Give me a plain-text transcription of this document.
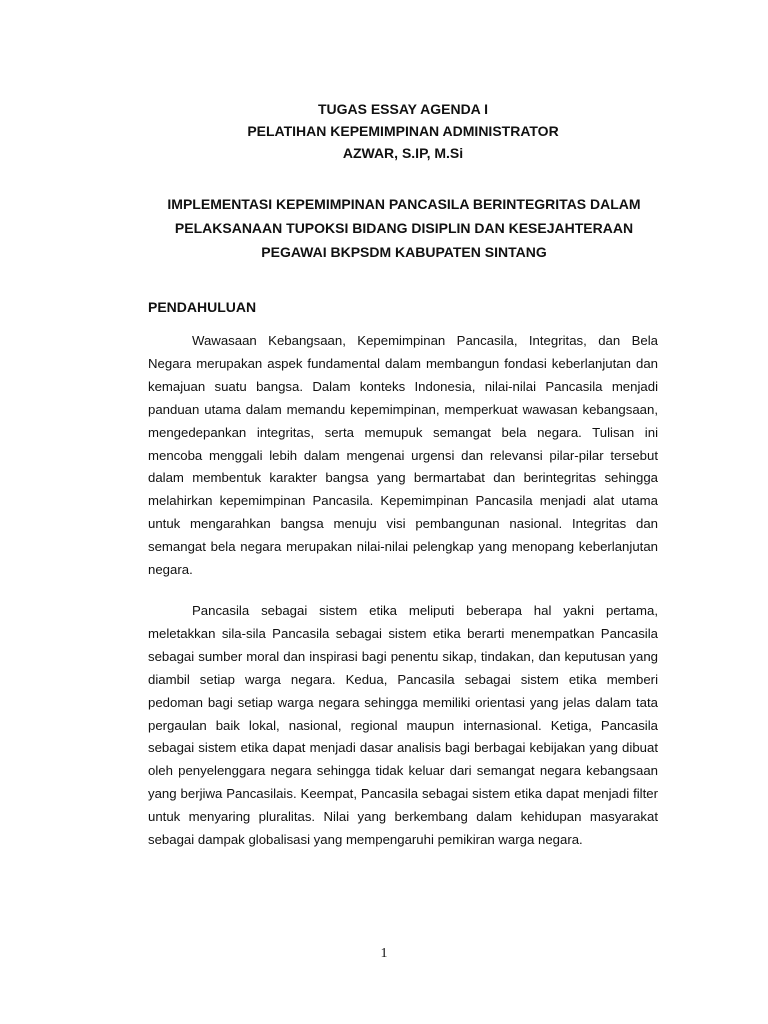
TUGAS ESSAY AGENDA I
PELATIHAN KEPEMIMPINAN ADMINISTRATOR
AZWAR, S.IP, M.Si
IMPLEMENTASI KEPEMIMPINAN PANCASILA BERINTEGRITAS DALAM
PELAKSANAAN TUPOKSI BIDANG DISIPLIN DAN KESEJAHTERAAN
PEGAWAI BKPSDM KABUPATEN SINTANG
PENDAHULUAN

Wawasaan Kebangsaan, Kepemimpinan Pancasila, Integritas, dan Bela Negara merupakan aspek fundamental dalam membangun fondasi keberlanjutan dan kemajuan suatu bangsa. Dalam konteks Indonesia, nilai-nilai Pancasila menjadi panduan utama dalam memandu kepemimpinan, memperkuat wawasan kebangsaan, mengedepankan integritas, serta memupuk semangat bela negara. Tulisan ini mencoba menggali lebih dalam mengenai urgensi dan relevansi pilar-pilar tersebut dalam membentuk karakter bangsa yang bermartabat dan berintegritas sehingga melahirkan kepemimpinan Pancasila. Kepemimpinan Pancasila menjadi alat utama untuk mengarahkan bangsa menuju visi pembangunan nasional. Integritas dan semangat bela negara merupakan nilai-nilai pelengkap yang menopang keberlanjutan negara.

Pancasila sebagai sistem etika meliputi beberapa hal yakni pertama, meletakkan sila-sila Pancasila sebagai sistem etika berarti menempatkan Pancasila sebagai sumber moral dan inspirasi bagi penentu sikap, tindakan, dan keputusan yang diambil setiap warga negara. Kedua, Pancasila sebagai sistem etika memberi pedoman bagi setiap warga negara sehingga memiliki orientasi yang jelas dalam tata pergaulan baik lokal, nasional, regional maupun internasional. Ketiga, Pancasila sebagai sistem etika dapat menjadi dasar analisis bagi berbagai kebijakan yang dibuat oleh penyelenggara negara sehingga tidak keluar dari semangat negara kebangsaan yang berjiwa Pancasilais. Keempat, Pancasila sebagai sistem etika dapat menjadi filter untuk menyaring pluralitas. Nilai yang berkembang dalam kehidupan masyarakat sebagai dampak globalisasi yang mempengaruhi pemikiran warga negara.

1
